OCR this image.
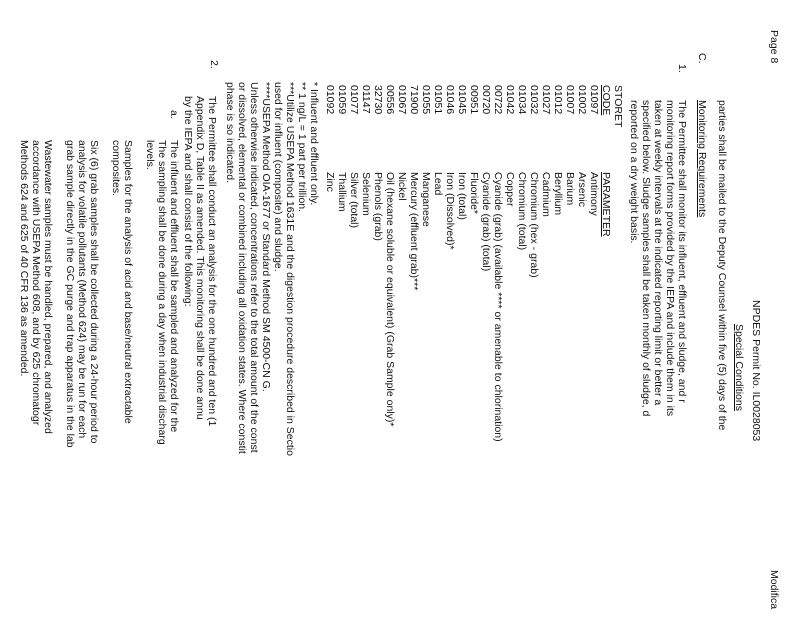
Page 8
Modifica
NPDES Permit No. IL0028053
Special Conditions
parties shall be mailed to the Deputy Counsel within five (5) days of the
C.
Monitoring Requirements
1.
The Permittee shall monitor its influent, effluent and sludge, and r
monitoring report forms provided by the IEPA and include them in its
taken at weekly intervals at the indicated reporting limit or better a
specified below. Sludge samples shall be taken monthly of sludge, d
reported on a dry weight basis.
STORET
CODE
PARAMETER
01097
Antimony
01002
Arsenic
01007
Barium
01012
Beryllium
01027
Cadmium
01032
Chromium (hex - grab)
01034
Chromium (total)
01042
Copper
00722
Cyanide (grab) (available **** or amenable to chlorination)
00720
Cyanide (grab) (total)
00951
Fluoride*
01045
Iron (total)
01046
Iron (Dissolved)*
01051
Lead
01055
Manganese
71900
Mercury (effluent grab)***
01067
Nickel
00556
Oil (hexane soluble or equivalent) (Grab Sample only)*
32730
Phenols (grab)
01147
Selenium
01077
Silver (total)
01059
Thallium
01092
Zinc
* Influent and effluent only.
** 1 ng/L = 1 part per trillion.
***Utilize USEPA Method 1631E and the digestion procedure described in Sectio
used for influent (composite) and sludge.
****USEPA Method OIA-1677 or Standard Method SM 4500-CN G.
Unless otherwise indicated, concentrations refer to the total amount of the const
or dissolved, elemental or combined including all oxidation states. Where constit
phase is so indicated.
2.
The Permittee shall conduct an analysis for the one hundred and ten (1
Appendix D, Table II as amended. This monitoring shall be done annu
by the IEPA and shall consist of the following:
a.
The influent and effluent shall be sampled and analyzed for the
The sampling shall be done during a day when industrial discharg
levels.
Samples for the analysis of acid and base/neutral extractable
composites.
Six (6) grab samples shall be collected during a 24-hour period to
analysis for volatile pollutants (Method 624) may be run for each
grab sample directly in the GC purge and trap apparatus in the lab
Wastewater samples must be handled, prepared, and analyzed
accordance with USEPA Method 608, and by 625 chromatogr
Methods 624 and 625 of 40 CFR 136 as amended.
